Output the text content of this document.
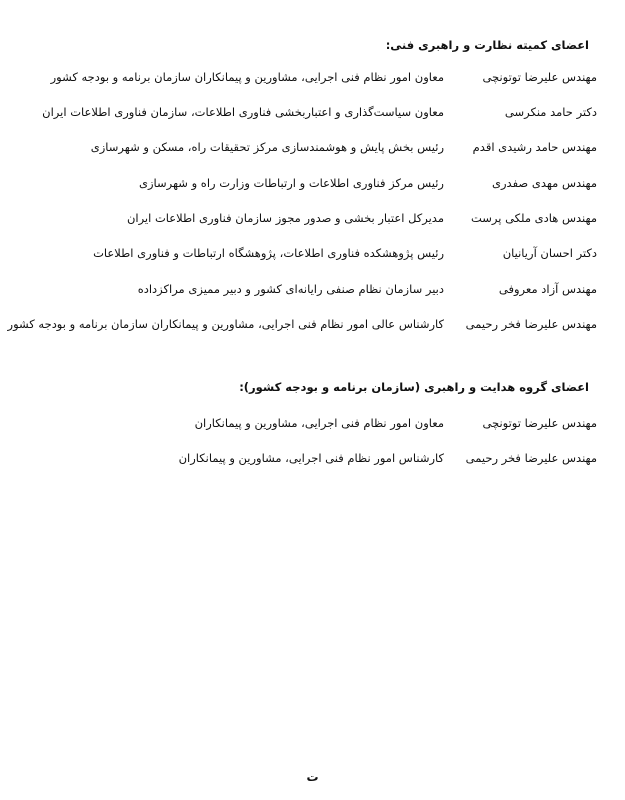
اعضای کمیته نظارت و راهبری فنی:
مهندس علیرضا توتونچی
معاون امور نظام فنی اجرایی، مشاورین و پیمانکاران سازمان برنامه و بودجه کشور
دکتر حامد منکرسی
معاون سیاست‌گذاری و اعتباربخشی فناوری اطلاعات، سازمان فناوری اطلاعات ایران
مهندس حامد رشیدی اقدم
رئیس بخش پایش و هوشمندسازی مرکز تحقیقات راه، مسکن و شهرسازی
مهندس مهدی صفدری
رئیس مرکز فناوری اطلاعات و ارتباطات وزارت راه و شهرسازی
مهندس هادی ملکی پرست
مدیرکل اعتبار بخشی و صدور مجوز سازمان فناوری اطلاعات ایران
دکتر احسان آریانیان
رئیس پژوهشکده فناوری اطلاعات، پژوهشگاه ارتباطات و فناوری اطلاعات
مهندس آزاد معروفی
دبیر سازمان نظام صنفی رایانه‌ای کشور و دبیر ممیزی مراکزداده
مهندس علیرضا فخر رحیمی
کارشناس عالی امور نظام فنی اجرایی، مشاورین و پیمانکاران سازمان برنامه و بودجه کشور
اعضای گروه هدایت و راهبری (سازمان برنامه و بودجه کشور):
مهندس علیرضا توتونچی
معاون امور نظام فنی اجرایی، مشاورین و پیمانکاران
مهندس علیرضا فخر رحیمی
کارشناس امور نظام فنی اجرایی، مشاورین و پیمانکاران
ت
